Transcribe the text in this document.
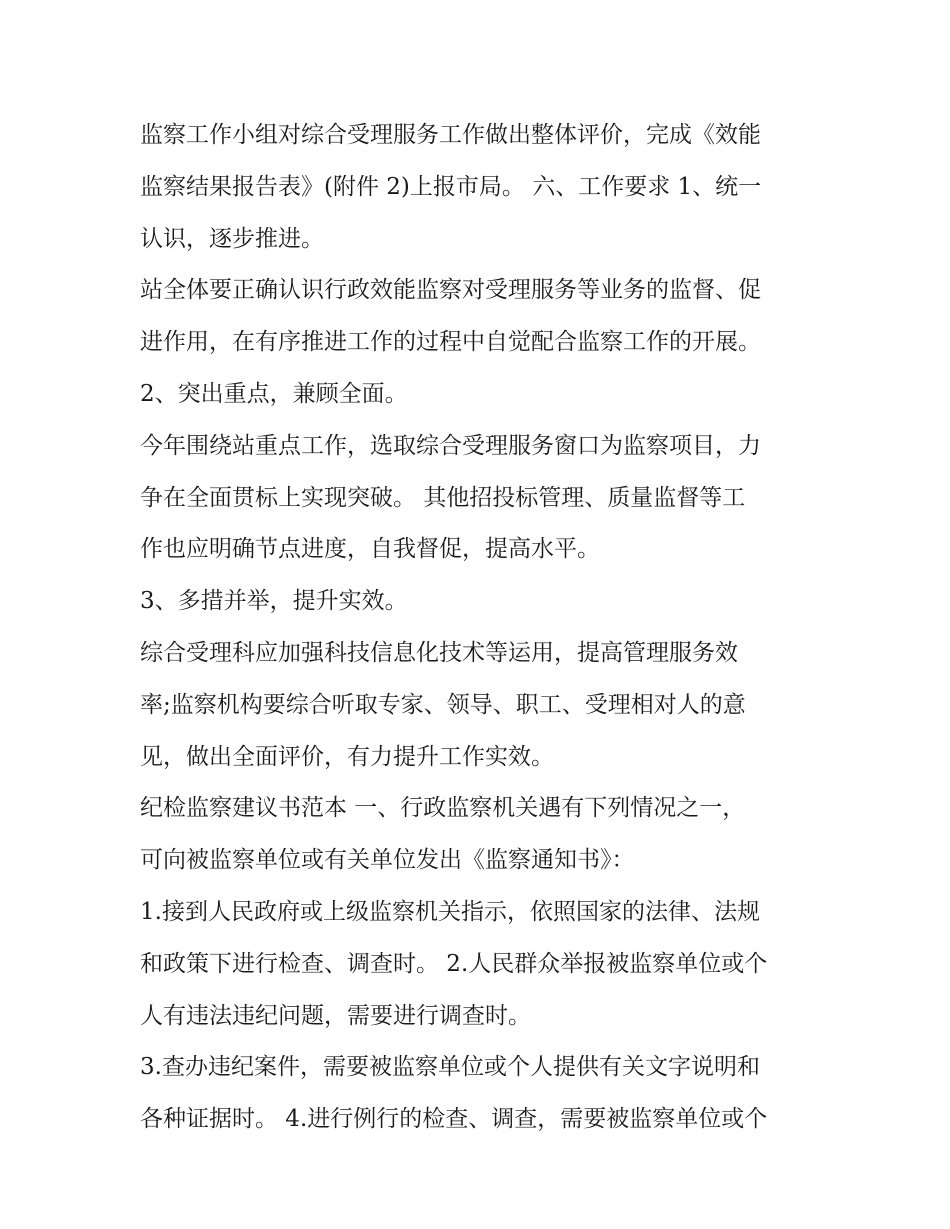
监察工作小组对综合受理服务工作做出整体评价，完成《效能
监察结果报告表》(附件 2)上报市局。 六、工作要求 1、统一
认识，逐步推进。
站全体要正确认识行政效能监察对受理服务等业务的监督、促
进作用，在有序推进工作的过程中自觉配合监察工作的开展。
2、突出重点，兼顾全面。
今年围绕站重点工作，选取综合受理服务窗口为监察项目，力
争在全面贯标上实现突破。 其他招投标管理、质量监督等工
作也应明确节点进度，自我督促，提高水平。
3、多措并举，提升实效。
综合受理科应加强科技信息化技术等运用，提高管理服务效
率;监察机构要综合听取专家、领导、职工、受理相对人的意
见，做出全面评价，有力提升工作实效。
纪检监察建议书范本 一、行政监察机关遇有下列情况之一，
可向被监察单位或有关单位发出《监察通知书》：
1.接到人民政府或上级监察机关指示，依照国家的法律、法规
和政策下进行检查、调查时。 2.人民群众举报被监察单位或个
人有违法违纪问题，需要进行调查时。
3.查办违纪案件，需要被监察单位或个人提供有关文字说明和
各种证据时。 4.进行例行的检查、调查，需要被监察单位或个
